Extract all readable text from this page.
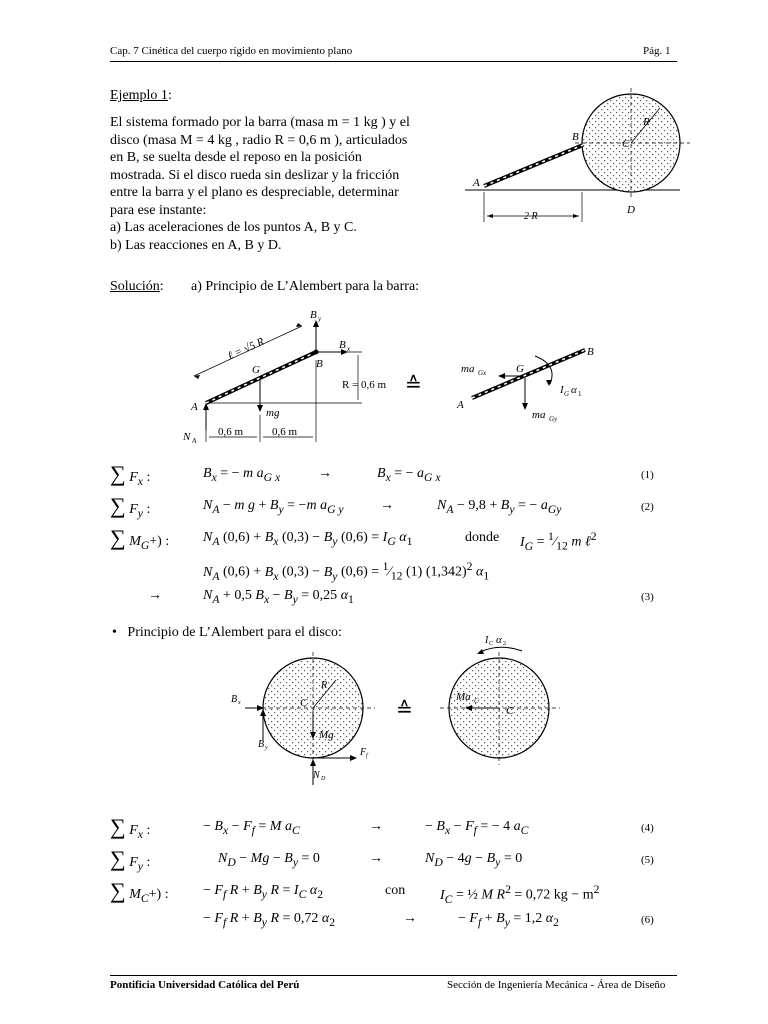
Cap. 7 Cinética del cuerpo rígido en movimiento plano	Pág. 1
Ejemplo 1:
El sistema formado por la barra (masa m = 1 kg ) y el
disco (masa M = 4 kg , radio R = 0,6 m ), articulados
en B, se suelta desde el reposo en la posición
mostrada. Si el disco rueda sin deslizar y la fricción
entre la barra y el plano es despreciable, determinar
para ese instante:
a) Las aceleraciones de los puntos A, B y C.
b) Las reacciones en A, B y D.
A
B
C
D
R
2 R
Solución: a) Principio de L’Alembert para la barra:
B y
B x
ℓ = √5 R
G	B
R = 0,6 m
A	mg
N A
0,6 m	0,6 m
≙
ma Gx	G
B
I G α 1
A
ma Gy
∑ $F_x$ :	$B_x$ = − m $a_{G x}$	→	$B_x$ = − $a_{G x}$	(1)
∑ $F_y$ :	$N_A - m$ $g + B_y = -m$ $a_{G y}$	→	$N_A - 9,8 + B_y$ = − $a_{Gy}$	(2)
∑ $M_G+$) : $N_A$ $(0,6) + B_x$ $(0,3) - B_y$ $(0,6) = I_G$ $\alpha_1$	donde $I_G$ = $^1⁄_{12}$ m ℓ$^2$
$N_A$ $(0,6) + B_x$ $(0,3) - B_y$ $(0,6) = ^1⁄_{12}$ (1) $(1,342)^2$ $\alpha_1$
→	$N_A + 0,5$ $B_x - B_y = 0,25$ $\alpha_1$	(3)
•   Principio de L’Alembert para el disco:
B x
B y
C
R
Mg
F f
N D
≙
I C α 2
Ma C
C
∑ $F_x$ :	− $B_x - F_f = M$ $a_C$	→	− $B_x - F_f$ = − 4 $a_C$	(4)
∑ $F_y$ :	$N_D - Mg - B_y = 0$	→	$N_D - 4g - B_y = 0$	(5)
∑ $M_C+$) : − $F_f$ $R + B_y$ $R = I_C$ $\alpha_2$	con $I_C$ = ½ M $R^2 = 0,72$ kg − $m^2$
− $F_f$ $R + B_y$ R = 0,72 $\alpha_2$	→	− $F_f + B_y = 1,2$ $\alpha_2$	(6)
Pontificia Universidad Católica del Perú	Sección de Ingeniería Mecánica - Área de Diseño
